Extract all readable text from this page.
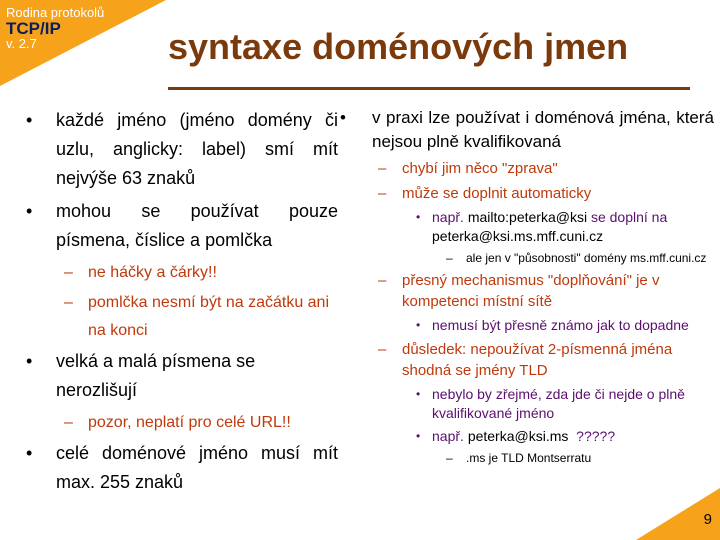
Rodina protokolů
TCP/IP
v. 2.7	syntaxe doménových jmen
• každé jméno (jméno domény či uzlu, anglicky: label) smí mít nejvýše 63 znaků
• mohou se používat pouze písmena, číslice a pomlčka
– ne háčky a čárky!!
– pomlčka nesmí být na začátku ani na konci
• velká a malá písmena se nerozlišují
– pozor, neplatí pro celé URL!!
• celé doménové jméno musí mít max. 255 znaků
• v praxi lze používat i doménová jména, která nejsou plně kvalifikovaná
– chybí jim něco "zprava"
– může se doplnit automaticky
• např. mailto:peterka@ksi se doplní na peterka@ksi.ms.mff.cuni.cz
– ale jen v "působnosti" domény ms.mff.cuni.cz
– přesný mechanismus "doplňování" je v kompetenci místní sítě
• nemusí být přesně známo jak to dopadne
– důsledek: nepoužívat 2-písmenná jména shodná se jmény TLD
• nebylo by zřejmé, zda jde či nejde o plně kvalifikované jméno
• např. peterka@ksi.ms  ?????
– .ms je TLD Montserratu
9
